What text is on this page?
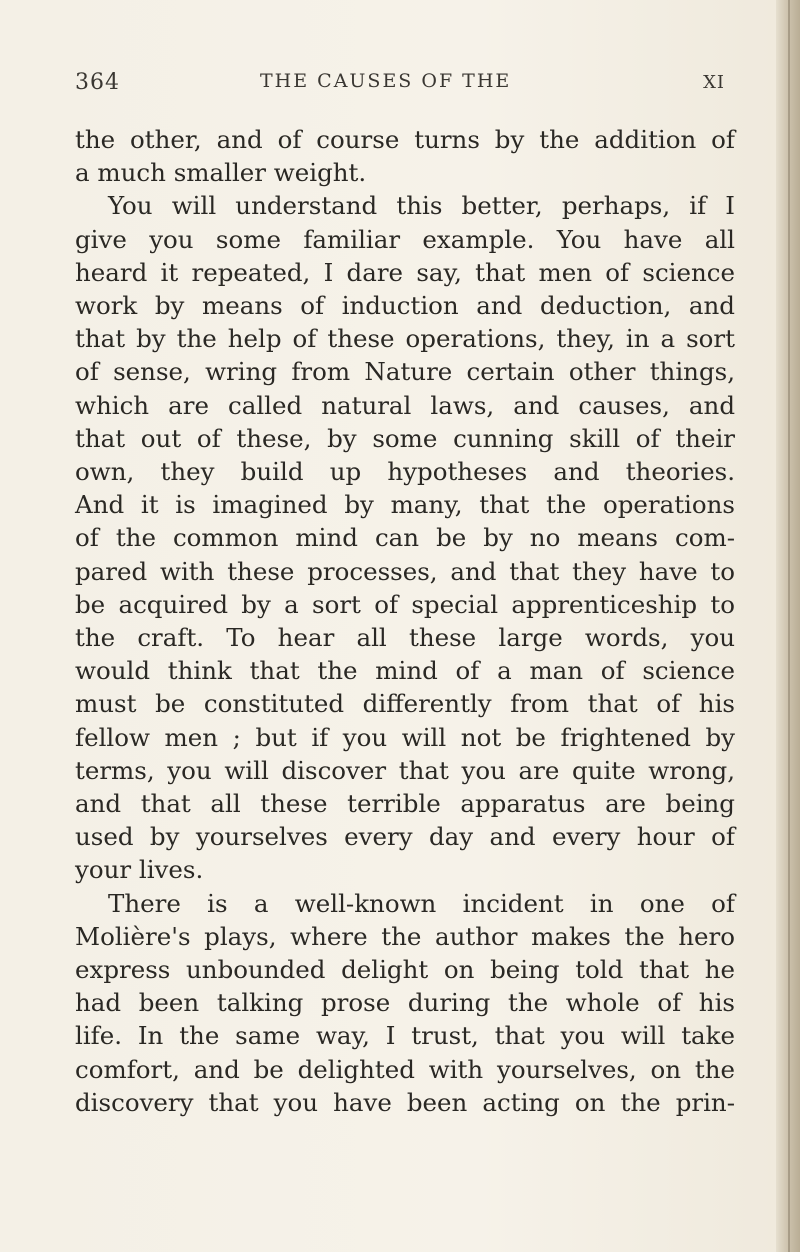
364	THE CAUSES OF THE	XI
the other, and of course turns by the addition of
a much smaller weight.
You will understand this better, perhaps, if I
give you some familiar example. You have all
heard it repeated, I dare say, that men of science
work by means of induction and deduction, and
that by the help of these operations, they, in a sort
of sense, wring from Nature certain other things,
which are called natural laws, and causes, and
that out of these, by some cunning skill of their
own, they build up hypotheses and theories.
And it is imagined by many, that the operations
of the common mind can be by no means com-
pared with these processes, and that they have to
be acquired by a sort of special apprenticeship to
the craft. To hear all these large words, you
would think that the mind of a man of science
must be constituted differently from that of his
fellow men ; but if you will not be frightened by
terms, you will discover that you are quite wrong,
and that all these terrible apparatus are being
used by yourselves every day and every hour of
your lives.
There is a well-known incident in one of
Molière's plays, where the author makes the hero
express unbounded delight on being told that he
had been talking prose during the whole of his
life. In the same way, I trust, that you will take
comfort, and be delighted with yourselves, on the
discovery that you have been acting on the prin-
